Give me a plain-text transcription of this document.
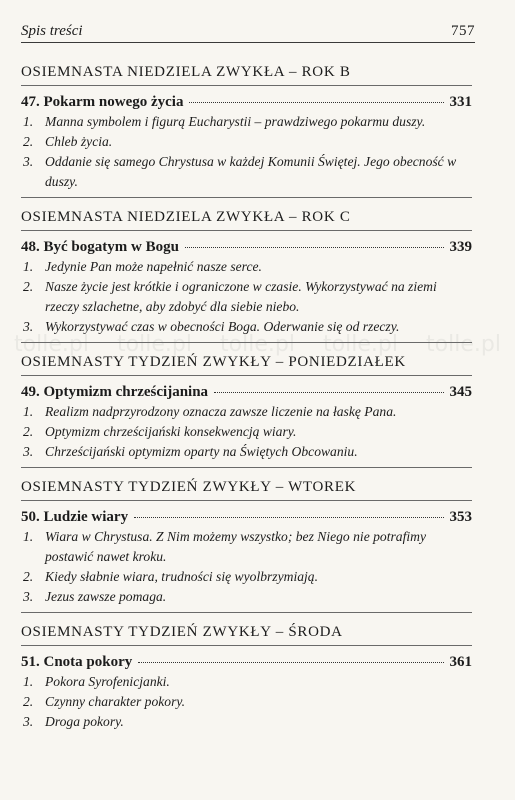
Spis treści	757
tolle.pl tolle.pl tolle.pl tolle.pl tolle.pl
OSIEMNASTA NIEDZIELA ZWYKŁA – ROK B
47. Pokarm nowego życia	331
1. Manna symbolem i figurą Eucharystii – prawdziwego pokarmu duszy.
2. Chleb życia.
3. Oddanie się samego Chrystusa w każdej Komunii Świętej. Jego obecność w duszy.
OSIEMNASTA NIEDZIELA ZWYKŁA – ROK C
48. Być bogatym w Bogu	339
1. Jedynie Pan może napełnić nasze serce.
2. Nasze życie jest krótkie i ograniczone w czasie. Wykorzystywać na ziemi rzeczy szlachetne, aby zdobyć dla siebie niebo.
3. Wykorzystywać czas w obecności Boga. Oderwanie się od rzeczy.
OSIEMNASTY TYDZIEŃ ZWYKŁY – PONIEDZIAŁEK
49. Optymizm chrześcijanina	345
1. Realizm nadprzyrodzony oznacza zawsze liczenie na łaskę Pana.
2. Optymizm chrześcijański konsekwencją wiary.
3. Chrześcijański optymizm oparty na Świętych Obcowaniu.
OSIEMNASTY TYDZIEŃ ZWYKŁY – WTOREK
50. Ludzie wiary	353
1. Wiara w Chrystusa. Z Nim możemy wszystko; bez Niego nie potrafimy postawić nawet kroku.
2. Kiedy słabnie wiara, trudności się wyolbrzymiają.
3. Jezus zawsze pomaga.
OSIEMNASTY TYDZIEŃ ZWYKŁY – ŚRODA
51. Cnota pokory	361
1. Pokora Syrofenicjanki.
2. Czynny charakter pokory.
3. Droga pokory.
